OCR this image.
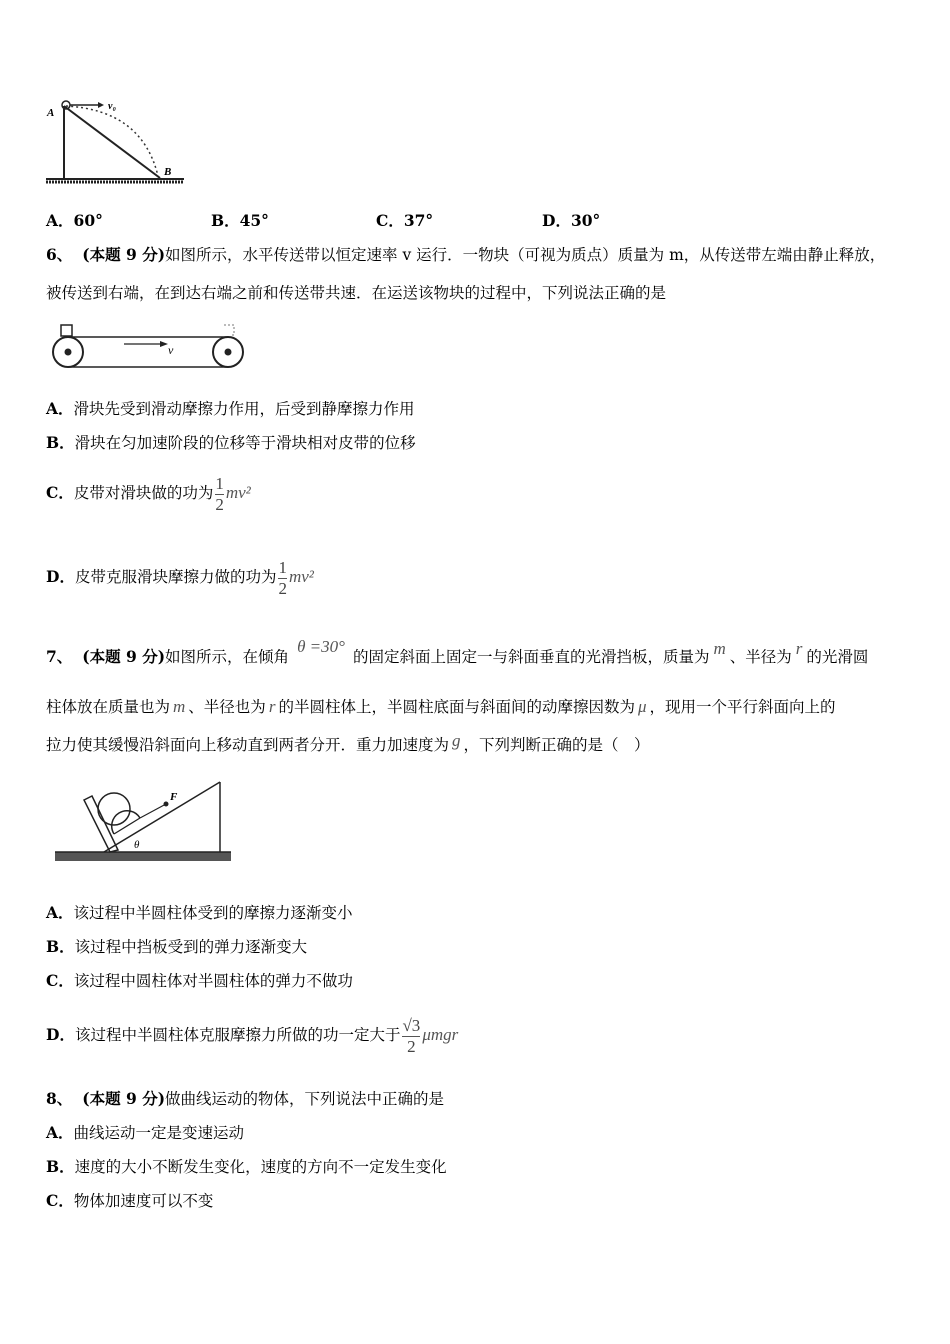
A
v₀
B
A．60°	B．45°	C．37°	D．30°
6、 (本题 9 分)如图所示，水平传送带以恒定速率 v 运行．一物块（可视为质点）质量为 m，从传送带左端由静止释放，
被传送到右端，在到达右端之前和传送带共速．在运送该物块的过程中，下列说法正确的是
v
A．滑块先受到滑动摩擦力作用，后受到静摩擦力作用
B．滑块在匀加速阶段的位移等于滑块相对皮带的位移
C．皮带对滑块做的功为 $\frac{1}{2} mv^2$
D．皮带克服滑块摩擦力做的功为 $\frac{1}{2} mv^2$
7、 (本题 9 分)如图所示，在倾角θ =30°的固定斜面上固定一与斜面垂直的光滑挡板，质量为 m 、半径为 r 的光滑圆
柱体放在质量也为 m 、半径也为 r 的半圆柱体上，半圆柱底面与斜面间的动摩擦因数为 μ ，现用一个平行斜面向上的
拉力使其缓慢沿斜面向上移动直到两者分开．重力加速度为 g ，下列判断正确的是（　）
F
θ
A．该过程中半圆柱体受到的摩擦力逐渐变小
B．该过程中挡板受到的弹力逐渐变大
C．该过程中圆柱体对半圆柱体的弹力不做功
D．该过程中半圆柱体克服摩擦力所做的功一定大于 $\frac{√3}{2}$ μmgr
8、 (本题 9 分)做曲线运动的物体，下列说法中正确的是
A．曲线运动一定是变速运动
B．速度的大小不断发生变化，速度的方向不一定发生变化
C．物体加速度可以不变
